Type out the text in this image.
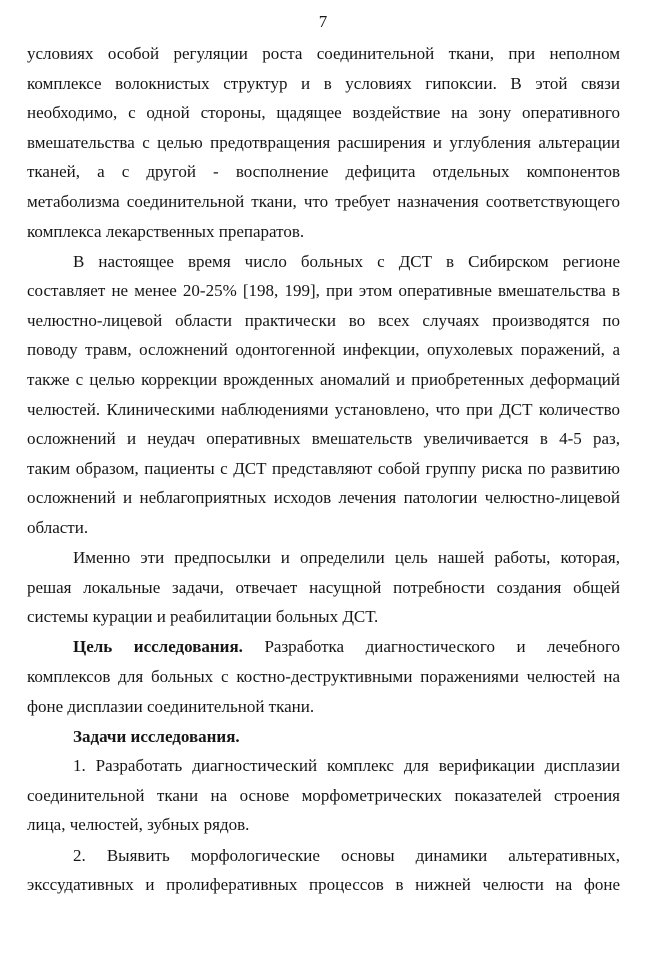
7

условиях особой регуляции роста соединительной ткани, при неполном
комплексе волокнистых структур и в условиях гипоксии. В этой связи
необходимо, с одной стороны, щадящее воздействие на зону оперативного
вмешательства с целью предотвращения расширения и углубления альтерации
тканей, а с другой - восполнение дефицита отдельных компонентов
метаболизма соединительной ткани, что требует назначения соответствующего
комплекса лекарственных препаратов.

В настоящее время число больных с ДСТ в Сибирском регионе
составляет не менее 20-25% [198, 199], при этом оперативные вмешательства в
челюстно-лицевой области практически во всех случаях производятся по
поводу травм, осложнений одонтогенной инфекции, опухолевых поражений, а
также с целью коррекции врожденных аномалий и приобретенных деформаций
челюстей. Клиническими наблюдениями установлено, что при ДСТ количество
осложнений и неудач оперативных вмешательств увеличивается в 4-5 раз,
таким образом, пациенты с ДСТ представляют собой группу риска по развитию
осложнений и неблагоприятных исходов лечения патологии челюстно-лицевой
области.

Именно эти предпосылки и определили цель нашей работы, которая,
решая локальные задачи, отвечает насущной потребности создания общей
системы курации и реабилитации больных ДСТ.

Цель исследования. Разработка диагностического и лечебного
комплексов для больных с костно-деструктивными поражениями челюстей на
фоне дисплазии соединительной ткани.

Задачи исследования.

1. Разработать диагностический комплекс для верификации дисплазии
соединительной ткани на основе морфометрических показателей строения
лица, челюстей, зубных рядов.

2. Выявить морфологические основы динамики альтеративных,
экссудативных и пролиферативных процессов в нижней челюсти на фоне
